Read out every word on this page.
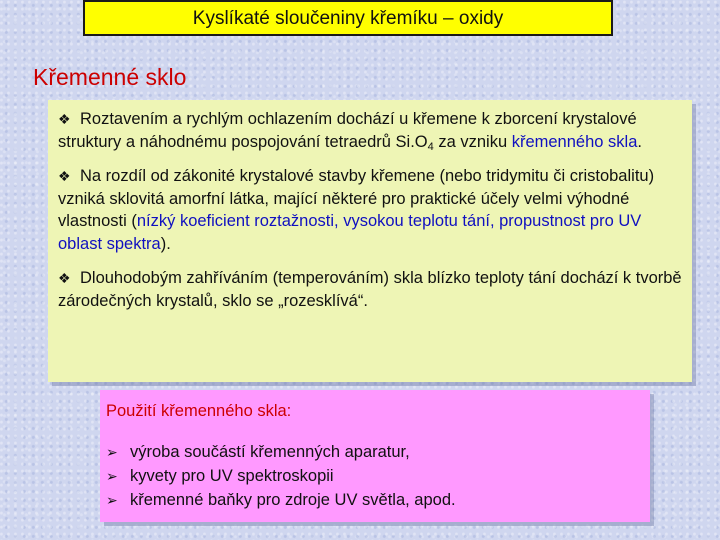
Kyslíkaté sloučeniny křemíku – oxidy
Křemenné sklo

❖ Roztavením a rychlým ochlazením dochází u křemene k zborcení krystalové struktury a náhodnému pospojování tetraedrů $Si.O_4$ za vzniku křemenného skla.

❖ Na rozdíl od zákonité krystalové stavby křemene (nebo tridymitu či cristobalitu) vzniká sklovitá amorfní látka, mající některé pro praktické účely velmi výhodné vlastnosti (nízký koeficient roztažnosti, vysokou teplotu tání, propustnost pro UV oblast spektra).

❖ Dlouhodobým zahříváním (temperováním) skla blízko teploty tání dochází k tvorbě zárodečných krystalů, sklo se „rozesklívá“.

Použití křemenného skla:

➢ výroba součástí křemenných aparatur,
➢ kyvety pro UV spektroskopii
➢ křemenné baňky pro zdroje UV světla, apod.
